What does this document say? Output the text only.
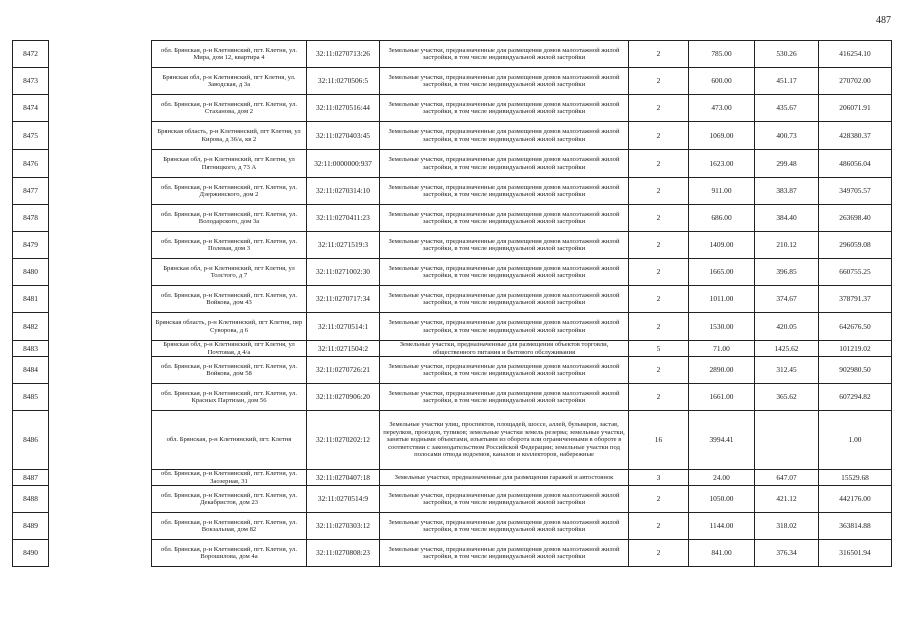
487
8472		обл. Брянская, р-н Клетнянский, пгт. Клетня, ул. Мира, дом 12, квартира 4	32:11:0270713:26	Земельные участки, предназначенные для размещения домов малоэтажной жилой застройки, в том числе индивидуальной жилой застройки	2	785.00	530.26	416254.10
8473		Брянская обл, р-н Клетнянский, пгт Клетня, ул. Заводская, д 3а	32:11:0270506:5	Земельные участки, предназначенные для размещения домов малоэтажной жилой застройки, в том числе индивидуальной жилой застройки	2	600.00	451.17	270702.00
8474		обл. Брянская, р-н Клетнянский, пгт. Клетня, ул. Стахановa, дом 2	32:11:0270516:44	Земельные участки, предназначенные для размещения домов малоэтажной жилой застройки, в том числе индивидуальной жилой застройки	2	473.00	435.67	206071.91
8475		Брянская область, р-н Клетнянский, пгт Клетня, ул Кирова, д 36/а, кв 2	32:11:0270403:45	Земельные участки, предназначенные для размещения домов малоэтажной жилой застройки, в том числе индивидуальной жилой застройки	2	1069.00	400.73	428380.37
8476		Брянская обл, р-н Клетнянский, пгт Клетня, ул Пятницкого, д 73 А	32:11:0000000:937	Земельные участки, предназначенные для размещения домов малоэтажной жилой застройки, в том числе индивидуальной жилой застройки	2	1623.00	299.48	486056.04
8477		обл. Брянская, р-н Клетнянский, пгт. Клетня, ул. Дзержинского, дом 2	32:11:0270314:10	Земельные участки, предназначенные для размещения домов малоэтажной жилой застройки, в том числе индивидуальной жилой застройки	2	911.00	383.87	349705.57
8478		обл. Брянская, р-н Клетнянский, пгт. Клетня, ул. Володарского, дом 3а	32:11:0270411:23	Земельные участки, предназначенные для размещения домов малоэтажной жилой застройки, в том числе индивидуальной жилой застройки	2	686.00	384.40	263698.40
8479		обл. Брянская, р-н Клетнянский, пгт. Клетня, ул. Полевая, дом 3	32:11:0271519:3	Земельные участки, предназначенные для размещения домов малоэтажной жилой застройки, в том числе индивидуальной жилой застройки	2	1409.00	210.12	296059.08
8480		Брянская обл, р-н Клетнянский, пгт Клетня, ул Толстого, д 7	32:11:0271002:30	Земельные участки, предназначенные для размещения домов малоэтажной жилой застройки, в том числе индивидуальной жилой застройки	2	1665.00	396.85	660755.25
8481		обл. Брянская, р-н Клетнянский, пгт. Клетня, ул. Войкова, дом 43	32:11:0270717:34	Земельные участки, предназначенные для размещения домов малоэтажной жилой застройки, в том числе индивидуальной жилой застройки	2	1011.00	374.67	378791.37
8482		Брянская область, р-н Клетнянский, пгт Клетня, пер Суворова, д 6	32:11:0270514:1	Земельные участки, предназначенные для размещения домов малоэтажной жилой застройки, в том числе индивидуальной жилой застройки	2	1530.00	420.05	642676.50
8483		Брянская обл, р-н Клетнянский, пгт Клетня, ул Почтовая, д 4/а	32:11:0271504:2	Земельные участки, предназначенные для размещения объектов торговли, общественного питания и бытового обслуживания	5	71.00	1425.62	101219.02
8484		обл. Брянская, р-н Клетнянский, пгт. Клетня, ул. Войкова, дом 58	32:11:0270726:21	Земельные участки, предназначенные для размещения домов малоэтажной жилой застройки, в том числе индивидуальной жилой застройки	2	2890.00	312.45	902980.50
8485		обл. Брянская, р-н Клетнянский, пгт. Клетня, ул. Красных Партизан, дом 56	32:11:0270906:20	Земельные участки, предназначенные для размещения домов малоэтажной жилой застройки, в том числе индивидуальной жилой застройки	2	1661.00	365.62	607294.82
8486		обл. Брянская, р-н Клетнянский, пгт. Клетня	32:11:0270202:12	Земельные участки улиц, проспектов, площадей, шоссе, аллей, бульваров, застав, переулков, проездов, тупиков; земельные участки земель резерва; земельные участки, занятые водными объектами, изъятыми из оборота или ограниченными в обороте в соответствии с законодательством Российской Федерации; земельные участки под полосами отвода водоемов, каналов и коллекторов, набережные	16	3994.41		1.00
8487		обл. Брянская, р-н Клетнянский, пгт. Клетня, ул. Заозерная, 31	32:11:0270407:18	Земельные участки, предназначенные для размещения гаражей и автостоянок	3	24.00	647.07	15529.68
8488		обл. Брянская, р-н Клетнянский, пгт. Клетня, ул. Декабристов, дом 23	32:11:0270514:9	Земельные участки, предназначенные для размещения домов малоэтажной жилой застройки, в том числе индивидуальной жилой застройки	2	1050.00	421.12	442176.00
8489		обл. Брянская, р-н Клетнянский, пгт. Клетня, ул. Вокзальная, дом 82	32:11:0270303:12	Земельные участки, предназначенные для размещения домов малоэтажной жилой застройки, в том числе индивидуальной жилой застройки	2	1144.00	318.02	363814.88
8490		обл. Брянская, р-н Клетнянский, пгт. Клетня, ул. Ворошилова, дом 4а	32:11:0270808:23	Земельные участки, предназначенные для размещения домов малоэтажной жилой застройки, в том числе индивидуальной жилой застройки	2	841.00	376.34	316501.94
